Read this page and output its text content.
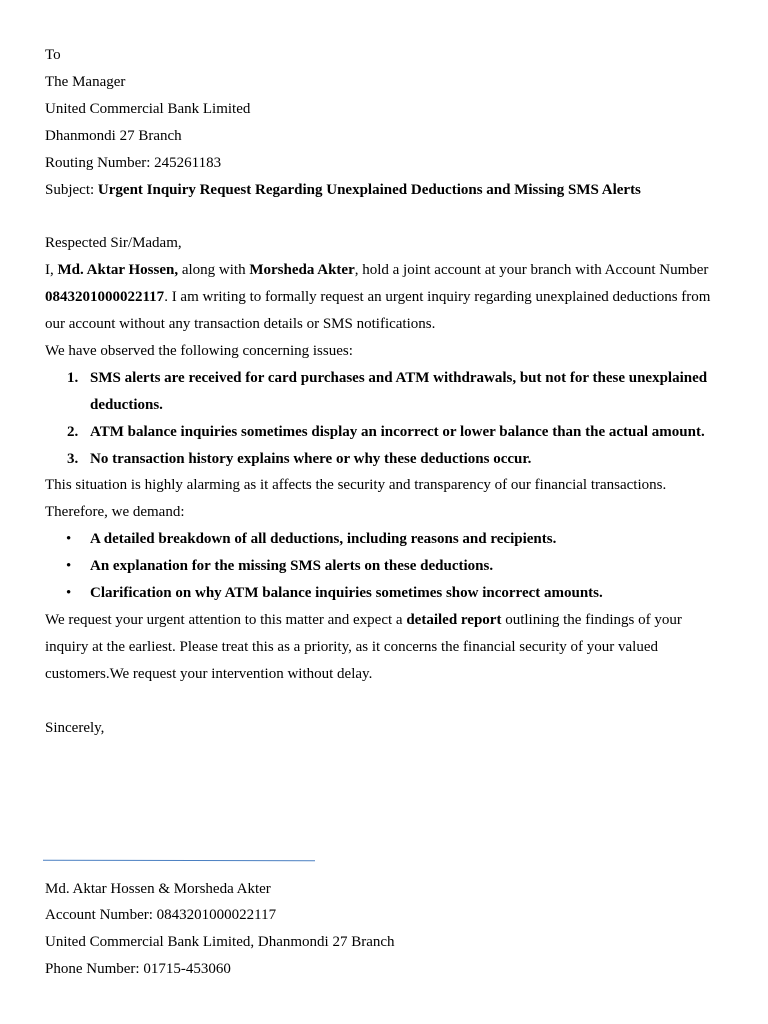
To

The Manager

United Commercial Bank Limited

Dhanmondi 27 Branch

Routing Number: 245261183

Subject: Urgent Inquiry Request Regarding Unexplained Deductions and Missing SMS Alerts

Respected Sir/Madam,

I, Md. Aktar Hossen, along with Morsheda Akter, hold a joint account at your branch with Account Number 0843201000022117. I am writing to formally request an urgent inquiry regarding unexplained deductions from our account without any transaction details or SMS notifications.

We have observed the following concerning issues:

1. SMS alerts are received for card purchases and ATM withdrawals, but not for these unexplained deductions.
2. ATM balance inquiries sometimes display an incorrect or lower balance than the actual amount.
3. No transaction history explains where or why these deductions occur.

This situation is highly alarming as it affects the security and transparency of our financial transactions.

Therefore, we demand:

• A detailed breakdown of all deductions, including reasons and recipients.
• An explanation for the missing SMS alerts on these deductions.
• Clarification on why ATM balance inquiries sometimes show incorrect amounts.

We request your urgent attention to this matter and expect a detailed report outlining the findings of your inquiry at the earliest. Please treat this as a priority, as it concerns the financial security of your valued customers.We request your intervention without delay.

Sincerely,

Md. Aktar Hossen & Morsheda Akter

Account Number: 0843201000022117

United Commercial Bank Limited, Dhanmondi 27 Branch

Phone Number: 01715-453060
